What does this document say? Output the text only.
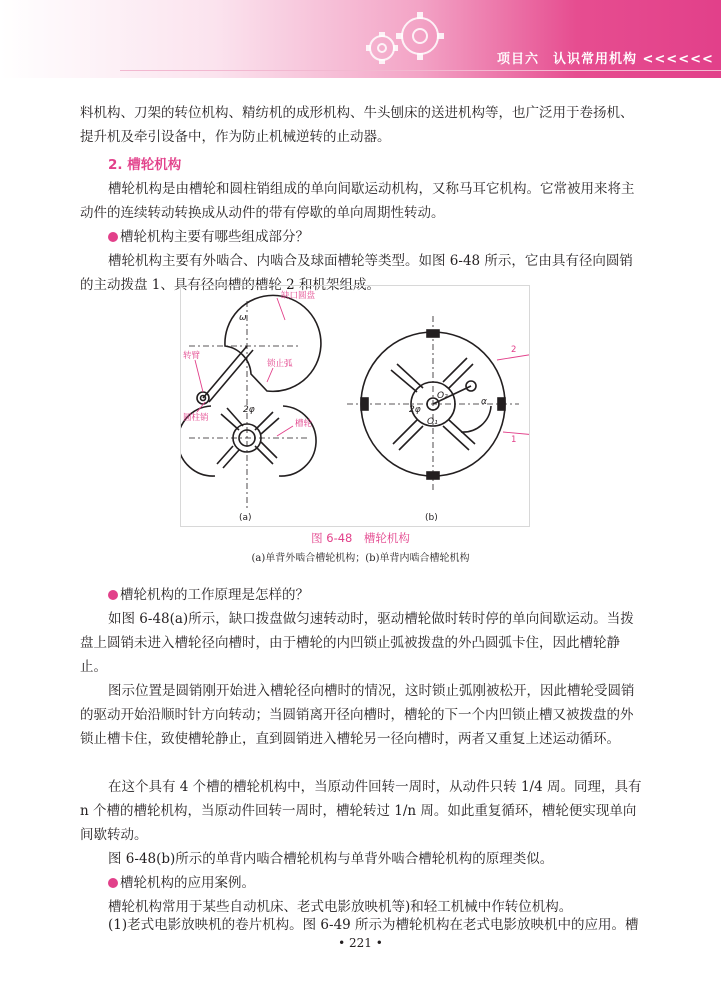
项目六　认识常用机构 <<<<<<

料机构、刀架的转位机构、精纺机的成形机构、牛头刨床的送进机构等，也广泛用于卷扬机、提升机及牵引设备中，作为防止机械逆转的止动器。

2. 槽轮机构

槽轮机构是由槽轮和圆柱销组成的单向间歇运动机构，又称马耳它机构。它常被用来将主动件的连续转动转换成从动件的带有停歇的单向周期性转动。

槽轮机构主要有哪些组成部分？

槽轮机构主要有外啮合、内啮合及球面槽轮等类型。如图 6-48 所示，它由具有径向圆销的主动拨盘 1、具有径向槽的槽轮 2 和机架组成。

缺口圆盘
转臂
锁止弧
圆柱销
槽轮
2
1
ω
2φ	2φ
O₁
O₂
α
(a)	(b)

图 6-48　槽轮机构

(a)单背外啮合槽轮机构；(b)单背内啮合槽轮机构

槽轮机构的工作原理是怎样的？

如图 6-48(a)所示，缺口拨盘做匀速转动时，驱动槽轮做时转时停的单向间歇运动。当拨盘上圆销未进入槽轮径向槽时，由于槽轮的内凹锁止弧被拨盘的外凸圆弧卡住，因此槽轮静止。

图示位置是圆销刚开始进入槽轮径向槽时的情况，这时锁止弧刚被松开，因此槽轮受圆销的驱动开始沿顺时针方向转动；当圆销离开径向槽时，槽轮的下一个内凹锁止槽又被拨盘的外锁止槽卡住，致使槽轮静止，直到圆销进入槽轮另一径向槽时，两者又重复上述运动循环。

在这个具有 4 个槽的槽轮机构中，当原动件回转一周时，从动件只转 1/4 周。同理，具有 n 个槽的槽轮机构，当原动件回转一周时，槽轮转过 1/n 周。如此重复循环，槽轮便实现单向间歇转动。

图 6-48(b)所示的单背内啮合槽轮机构与单背外啮合槽轮机构的原理类似。

槽轮机构的应用案例。

槽轮机构常用于某些自动机床、老式电影放映机等)和轻工机械中作转位机构。

(1)老式电影放映机的卷片机构。图 6-49 所示为槽轮机构在老式电影放映机中的应用。槽

• 221 •
